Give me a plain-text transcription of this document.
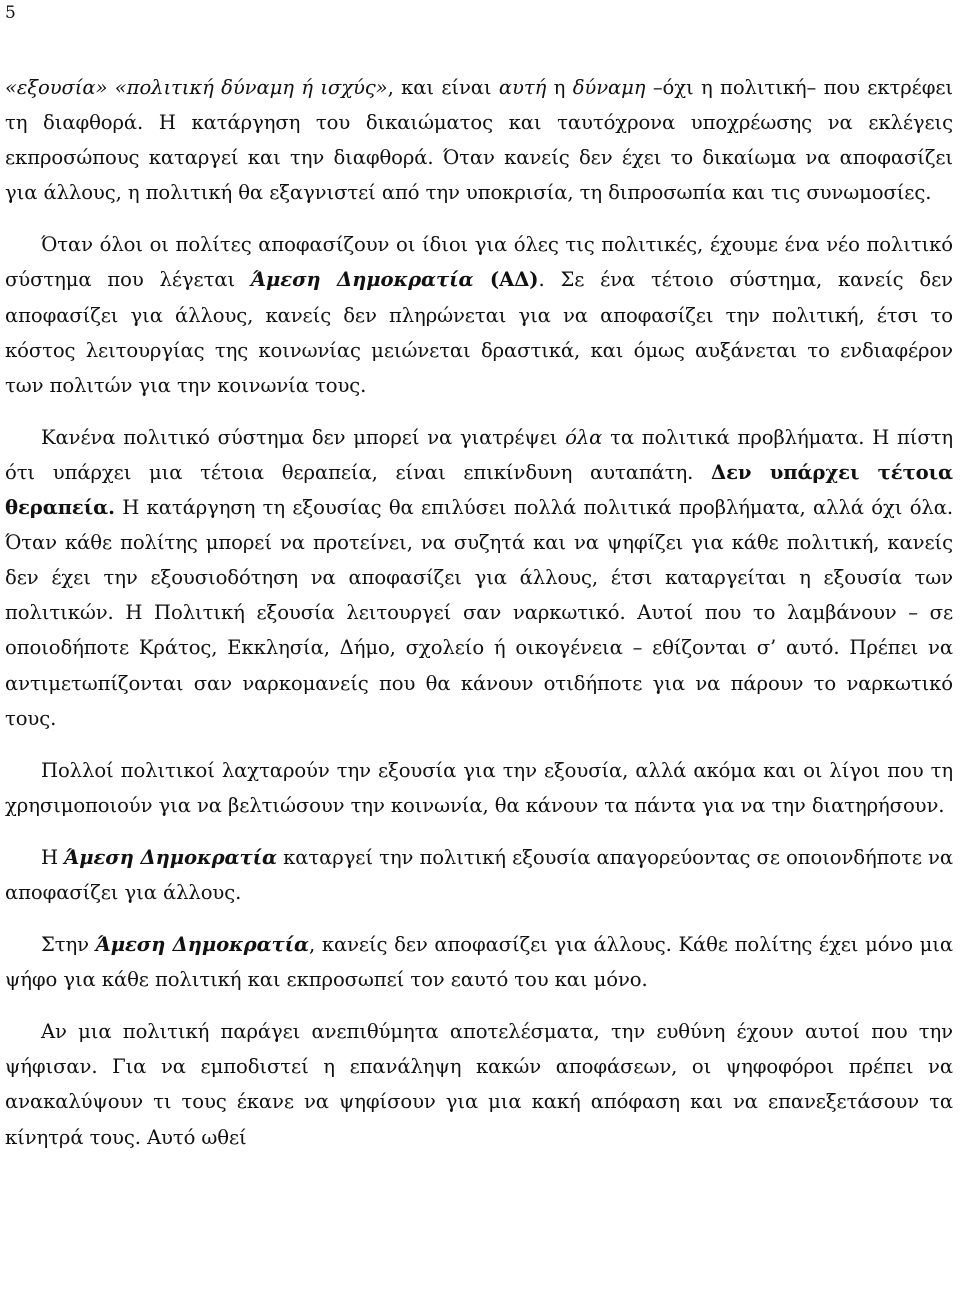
5

«εξουσία» «πολιτική δύναμη ή ισχύς», και είναι αυτή η δύναμη –όχι η πολιτική– που εκτρέφει τη διαφθορά. Η κατάργηση του δικαιώματος και ταυτόχρονα υποχρέωσης να εκλέγεις εκπροσώπους καταργεί και την διαφθορά. Όταν κανείς δεν έχει το δικαίωμα να αποφασίζει για άλλους, η πολιτική θα εξαγνιστεί από την υποκρισία, τη διπροσωπία και τις συνωμοσίες.

Όταν όλοι οι πολίτες αποφασίζουν οι ίδιοι για όλες τις πολιτικές, έχουμε ένα νέο πολιτικό σύστημα που λέγεται Άμεση Δημοκρατία (ΑΔ). Σε ένα τέτοιο σύστημα, κανείς δεν αποφασίζει για άλλους, κανείς δεν πληρώνεται για να αποφασίζει την πολιτική, έτσι το κόστος λειτουργίας της κοινωνίας μειώνεται δραστικά, και όμως αυξάνεται το ενδιαφέρον των πολιτών για την κοινωνία τους.

Κανένα πολιτικό σύστημα δεν μπορεί να γιατρέψει όλα τα πολιτικά προβλήματα. Η πίστη ότι υπάρχει μια τέτοια θεραπεία, είναι επικίνδυνη αυταπάτη. Δεν υπάρχει τέτοια θεραπεία. Η κατάργηση τη εξουσίας θα επιλύσει πολλά πολιτικά προβλήματα, αλλά όχι όλα. Όταν κάθε πολίτης μπορεί να προτείνει, να συζητά και να ψηφίζει για κάθε πολιτική, κανείς δεν έχει την εξουσιοδότηση να αποφασίζει για άλλους, έτσι καταργείται η εξουσία των πολιτικών. Η Πολιτική εξουσία λειτουργεί σαν ναρκωτικό. Αυτοί που το λαμβάνουν – σε οποιοδήποτε Κράτος, Εκκλησία, Δήμο, σχολείο ή οικογένεια – εθίζονται σ’ αυτό. Πρέπει να αντιμετωπίζονται σαν ναρκομανείς που θα κάνουν οτιδήποτε για να πάρουν το ναρκωτικό τους.

Πολλοί πολιτικοί λαχταρούν την εξουσία για την εξουσία, αλλά ακόμα και οι λίγοι που τη χρησιμοποιούν για να βελτιώσουν την κοινωνία, θα κάνουν τα πάντα για να την διατηρήσουν.

Η Άμεση Δημοκρατία καταργεί την πολιτική εξουσία απαγορεύοντας σε οποιονδήποτε να αποφασίζει για άλλους.

Στην Άμεση Δημοκρατία, κανείς δεν αποφασίζει για άλλους. Κάθε πολίτης έχει μόνο μια ψήφο για κάθε πολιτική και εκπροσωπεί τον εαυτό του και μόνο.

Αν μια πολιτική παράγει ανεπιθύμητα αποτελέσματα, την ευθύνη έχουν αυτοί που την ψήφισαν. Για να εμποδιστεί η επανάληψη κακών αποφάσεων, οι ψηφοφόροι πρέπει να ανακαλύψουν τι τους έκανε να ψηφίσουν για μια κακή απόφαση και να επανεξετάσουν τα κίνητρά τους. Αυτό ωθεί
